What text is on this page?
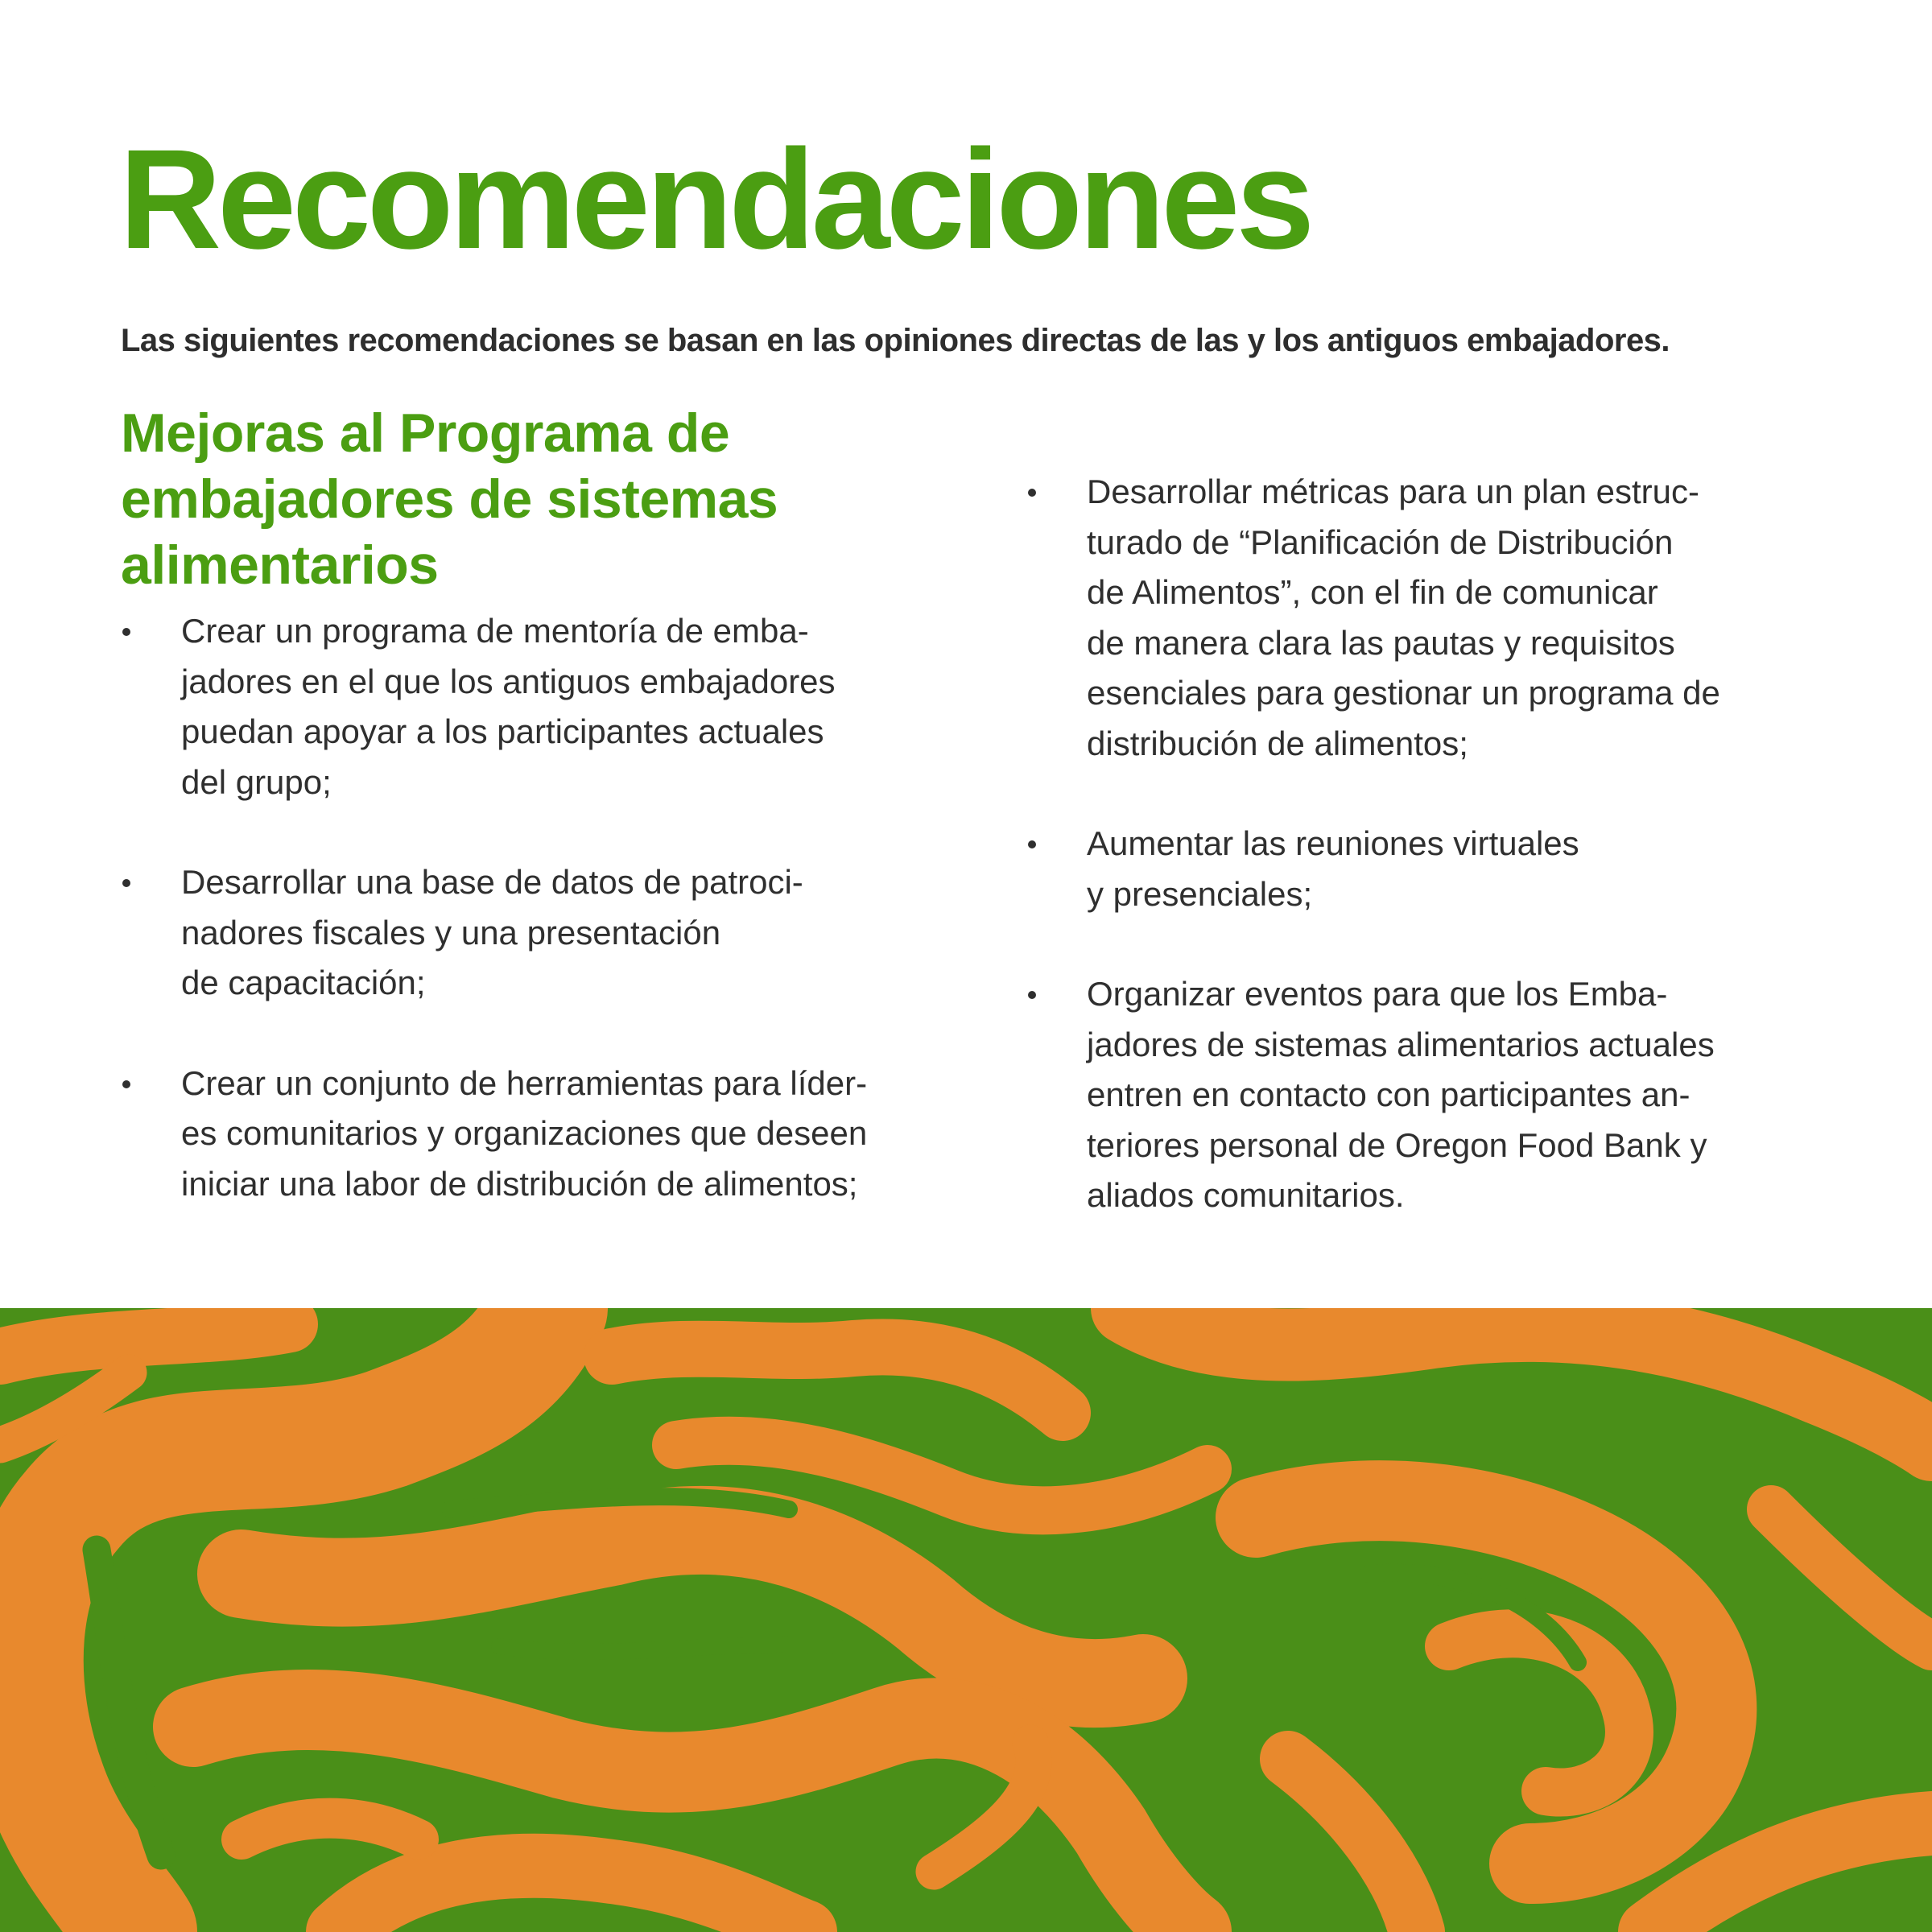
Recomendaciones

Las siguientes recomendaciones se basan en las opiniones directas de las y los antiguos embajadores.

Mejoras al Programa de
embajadores de sistemas
alimentarios
Crear un programa de mentoría de emba-
jadores en el que los antiguos embajadores
puedan apoyar a los participantes actuales
del grupo;
Desarrollar una base de datos de patroci-
nadores fiscales y una presentación
de capacitación;
Crear un conjunto de herramientas para líder-
es comunitarios y organizaciones que deseen
iniciar una labor de distribución de alimentos;
Desarrollar métricas para un plan estruc-
turado de “Planificación de Distribución
de Alimentos”, con el fin de comunicar
de manera clara las pautas y requisitos
esenciales para gestionar un programa de
distribución de alimentos;
Aumentar las reuniones virtuales
y presenciales;
Organizar eventos para que los Emba-
jadores de sistemas alimentarios actuales
entren en contacto con participantes an-
teriores personal de Oregon Food Bank y
aliados comunitarios.
